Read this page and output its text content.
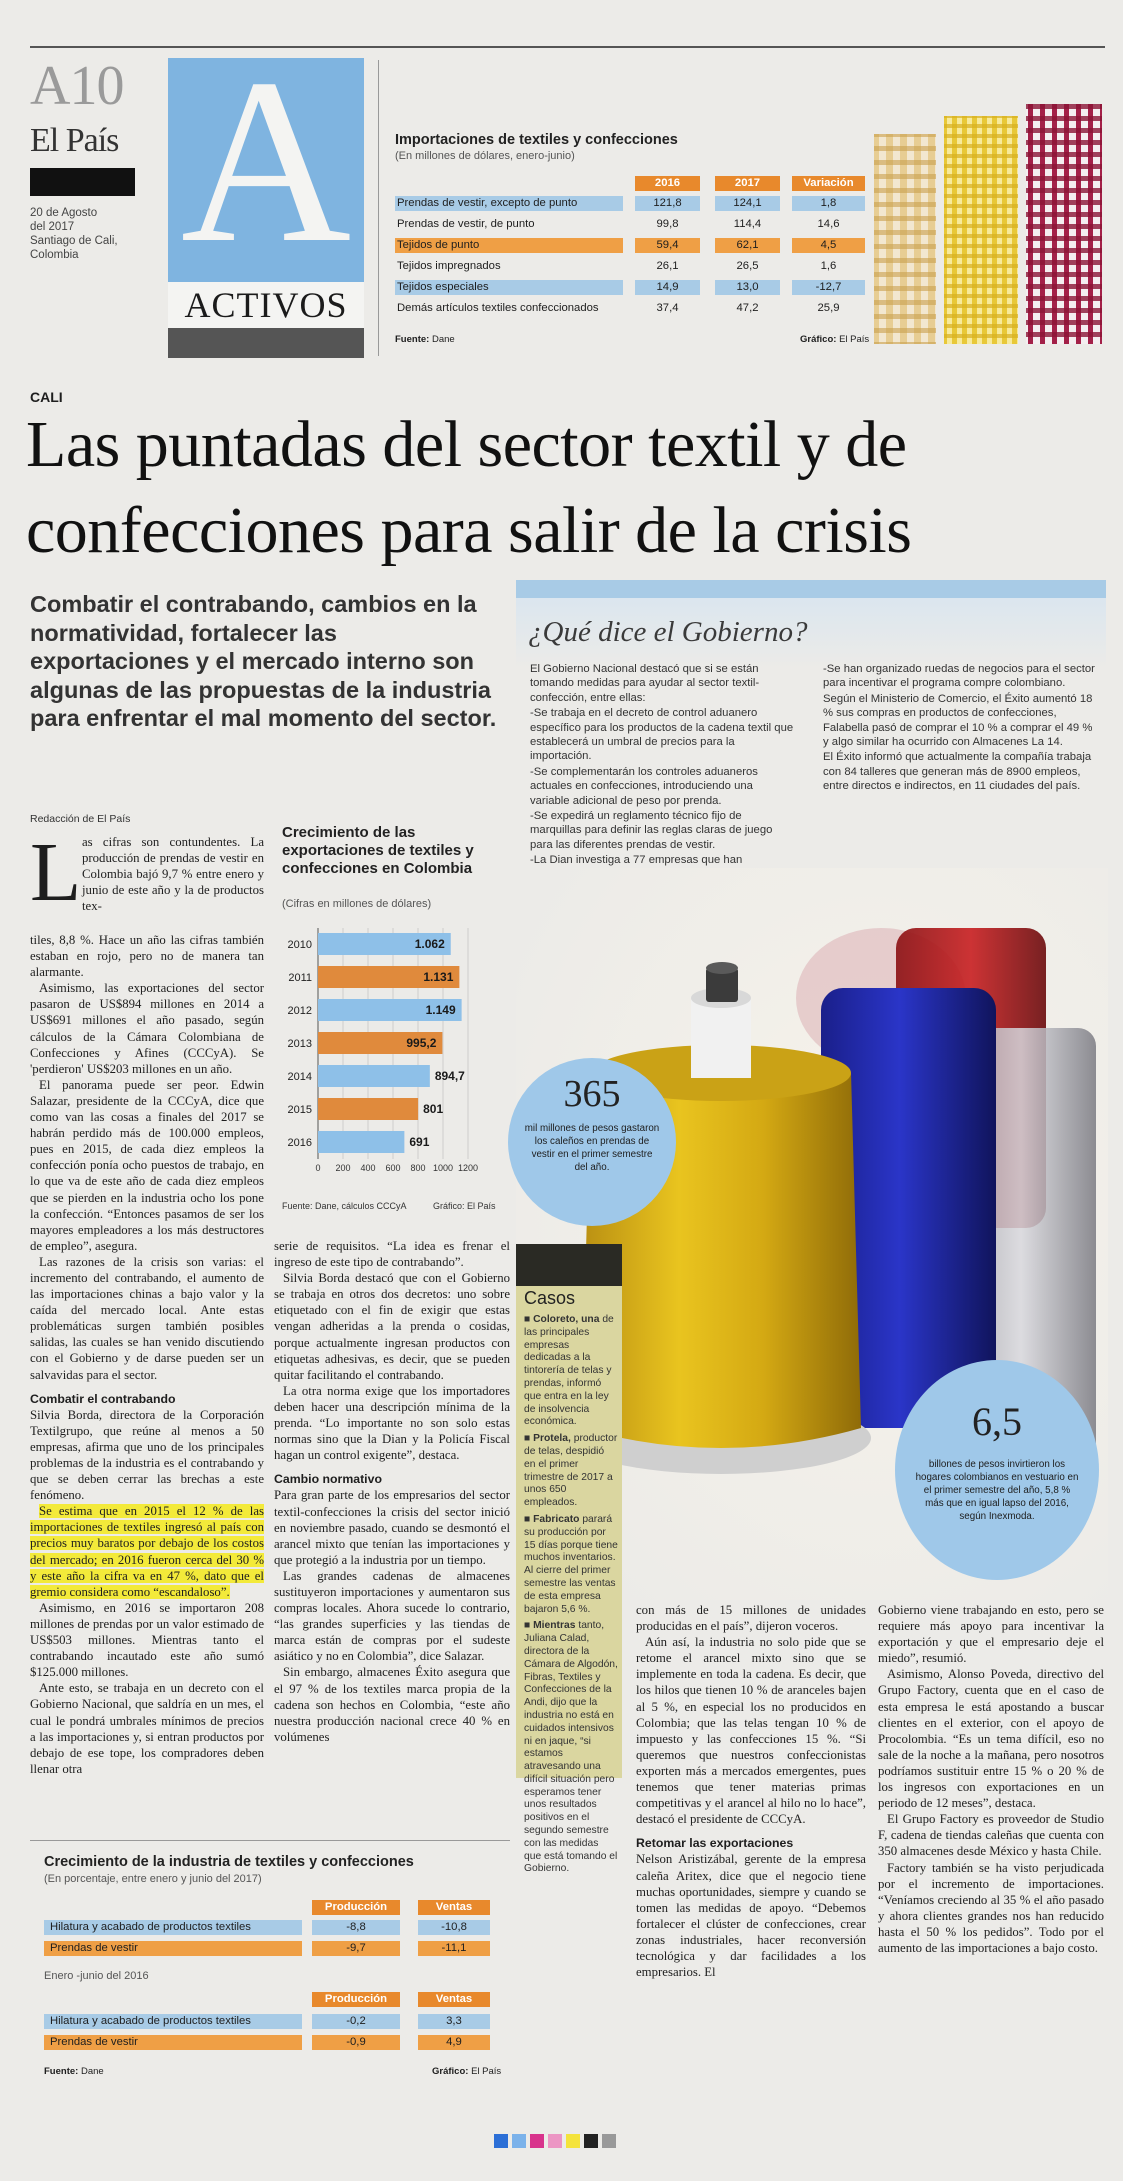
A10
El País
20 de Agosto
del 2017
Santiago de Cali,
Colombia A
ACTIVOS
Importaciones de textiles y confecciones
(En millones de dólares, enero-junio)
2016	2017	Variación
Prendas de vestir, excepto de punto	121,8	124,1	1,8
Prendas de vestir, de punto	99,8	114,4	14,6
Tejidos de punto	59,4	62,1	4,5
Tejidos impregnados	26,1	26,5	1,6
Tejidos especiales	14,9	13,0	-12,7
Demás artículos textiles confeccionados	37,4	47,2	25,9
Fuente: Dane	Gráfico: El País
CALI
Las puntadas del sector textil y de
confecciones para salir de la crisis
Combatir el contrabando, cambios en la normatividad, fortalecer las exportaciones y el mercado interno son algunas de las propuestas de la industria para enfrentar el mal momento del sector.
Redacción de El País
L as cifras son contundentes. La producción de prendas de vestir en Colombia bajó 9,7 % entre enero y junio de este año y la de productos tex-

tiles, 8,8 %. Hace un año las cifras también estaban en rojo, pero no de manera tan alarmante.

Asimismo, las exportaciones del sector pasaron de US$894 millones en 2014 a US$691 millones el año pasado, según cálculos de la Cámara Colombiana de Confecciones y Afines (CCCyA). Se 'perdieron' US$203 millones en un año.

El panorama puede ser peor. Edwin Salazar, presidente de la CCCyA, dice que como van las cosas a finales del 2017 se habrán perdido más de 100.000 empleos, pues en 2015, de cada diez empleos la confección ponía ocho puestos de trabajo, en lo que va de este año de cada diez empleos que se pierden en la industria ocho los pone la confección. “Entonces pasamos de ser los mayores empleadores a los más destructores de empleo”, asegura.

Las razones de la crisis son varias: el incremento del contrabando, el aumento de las importaciones chinas a bajo valor y la caída del mercado local. Ante estas problemáticas surgen también posibles salidas, las cuales se han venido discutiendo con el Gobierno y de darse pueden ser un salvavidas para el sector.

Combatir el contrabando

Silvia Borda, directora de la Corporación Textilgrupo, que reúne al menos a 50 empresas, afirma que uno de los principales problemas de la industria es el contrabando y que se deben cerrar las brechas a este fenómeno.

Se estima que en 2015 el 12 % de las importaciones de textiles ingresó al país con precios muy baratos por debajo de los costos del mercado; en 2016 fueron cerca del 30 % y este año la cifra va en 47 %, dato que el gremio considera como “escandaloso”.

Asimismo, en 2016 se importaron 208 millones de prendas por un valor estimado de US$503 millones. Mientras tanto el contrabando incautado este año sumó $125.000 millones.

Ante esto, se trabaja en un decreto con el Gobierno Nacional, que saldría en un mes, el cual le pondrá umbrales mínimos de precios a las importaciones y, si entran productos por debajo de ese tope, los compradores deben llenar otra

Crecimiento de las exportaciones de textiles y confecciones en Colombia
(Cifras en millones de dólares)
0 200 400 600 800 1000 1200
2010	1.062
2011	1.131
2012	1.149
2013	995,2
2014	894,7
2015	801
2016	691
Fuente: Dane, cálculos CCCyA	Gráfico: El País

serie de requisitos. “La idea es frenar el ingreso de este tipo de contrabando”.

Silvia Borda destacó que con el Gobierno se trabaja en otros dos decretos: uno sobre etiquetado con el fin de exigir que estas vengan adheridas a la prenda o cosidas, porque actualmente ingresan productos con etiquetas adhesivas, es decir, que se pueden quitar facilitando el contrabando.

La otra norma exige que los importadores deben hacer una descripción mínima de la prenda. “Lo importante no son solo estas normas sino que la Dian y la Policía Fiscal hagan un control exigente”, destaca.

Cambio normativo

Para gran parte de los empresarios del sector textil-confecciones la crisis del sector inició en noviembre pasado, cuando se desmontó el arancel mixto que tenían las importaciones y que protegió a la industria por un tiempo.

Las grandes cadenas de almacenes sustituyeron importaciones y aumentaron sus compras locales. Ahora sucede lo contrario, “las grandes superficies y las tiendas de marca están de compras por el sudeste asiático y no en Colombia”, dice Salazar.

Sin embargo, almacenes Éxito asegura que el 97 % de los textiles marca propia de la cadena son hechos en Colombia, “este año nuestra producción nacional crece 40 % en volúmenes

¿Qué dice el Gobierno?

El Gobierno Nacional destacó que si se están tomando medidas para ayudar al sector textil-confección, entre ellas:

-Se trabaja en el decreto de control aduanero específico para los productos de la cadena textil que establecerá un umbral de precios para la importación.

-Se complementarán los controles aduaneros actuales en confecciones, introduciendo una variable adicional de peso por prenda.

-Se expedirá un reglamento técnico fijo de marquillas para definir las reglas claras de juego para las diferentes prendas de vestir.

-La Dian investiga a 77 empresas que han

-Se han organizado ruedas de negocios para el sector para incentivar el programa compre colombiano.

Según el Ministerio de Comercio, el Éxito aumentó 18 % sus compras en productos de confecciones, Falabella pasó de comprar el 10 % a comprar el 49 % y algo similar ha ocurrido con Almacenes La 14.

El Éxito informó que actualmente la compañía trabaja con 84 talleres que generan más de 8900 empleos, entre directos e indirectos, en 11 ciudades del país.

365
mil millones de pesos gastaron los caleños en prendas de vestir en el primer semestre del año.
6,5
billones de pesos invirtieron los hogares colombianos en vestuario en el primer semestre del año, 5,8 % más que en igual lapso del 2016, según Inexmoda.
Casos
■ Coloreto, una de las principales empresas dedicadas a la tintorería de telas y prendas, informó que entra en la ley de insolvencia económica.
■ Protela, productor de telas, despidió en el primer trimestre de 2017 a unos 650 empleados.
■ Fabricato parará su producción por 15 días porque tiene muchos inventarios. Al cierre del primer semestre las ventas de esta empresa bajaron 5,6 %.
■ Mientras tanto, Juliana Calad, directora de la Cámara de Algodón, Fibras, Textiles y Confecciones de la Andi, dijo que la industria no está en cuidados intensivos ni en jaque, “si estamos atravesando una difícil situación pero esperamos tener unos resultados positivos en el segundo semestre con las medidas que está tomando el Gobierno.

con más de 15 millones de unidades producidas en el país”, dijeron voceros.

Aún así, la industria no solo pide que se retome el arancel mixto sino que se implemente en toda la cadena. Es decir, que los hilos que tienen 10 % de aranceles bajen al 5 %, en especial los no producidos en Colombia; que las telas tengan 10 % de impuesto y las confecciones 15 %. “Si queremos que nuestros confeccionistas exporten más a mercados emergentes, pues tenemos que tener materias primas competitivas y el arancel al hilo no lo hace”, destacó el presidente de CCCyA.

Retomar las exportaciones

Nelson Aristizábal, gerente de la empresa caleña Aritex, dice que el negocio tiene muchas oportunidades, siempre y cuando se tomen las medidas de apoyo. “Debemos fortalecer el clúster de confecciones, crear zonas industriales, hacer reconversión tecnológica y dar facilidades a los empresarios. El

Gobierno viene trabajando en esto, pero se requiere más apoyo para incentivar la exportación y que el empresario deje el miedo”, resumió.

Asimismo, Alonso Poveda, directivo del Grupo Factory, cuenta que en el caso de esta empresa le está apostando a buscar clientes en el exterior, con el apoyo de Procolombia. “Es un tema difícil, eso no sale de la noche a la mañana, pero nosotros podríamos sustituir entre 15 % o 20 % de los ingresos con exportaciones en un periodo de 12 meses”, destaca.

El Grupo Factory es proveedor de Studio F, cadena de tiendas caleñas que cuenta con 350 almacenes desde México y hasta Chile.

Factory también se ha visto perjudicada por el incremento de importaciones. “Veníamos creciendo al 35 % el año pasado y ahora clientes grandes nos han reducido hasta el 50 % los pedidos”. Todo por el aumento de las importaciones a bajo costo.

Crecimiento de la industria de textiles y confecciones
(En porcentaje, entre enero y junio del 2017)
Producción	Ventas
Hilatura y acabado de productos textiles	-8,8	-10,8
Prendas de vestir	-9,7	-11,1
Enero -junio del 2016
Producción	Ventas
Hilatura y acabado de productos textiles	-0,2	3,3
Prendas de vestir	-0,9	4,9
Fuente: Dane	Gráfico: El País
